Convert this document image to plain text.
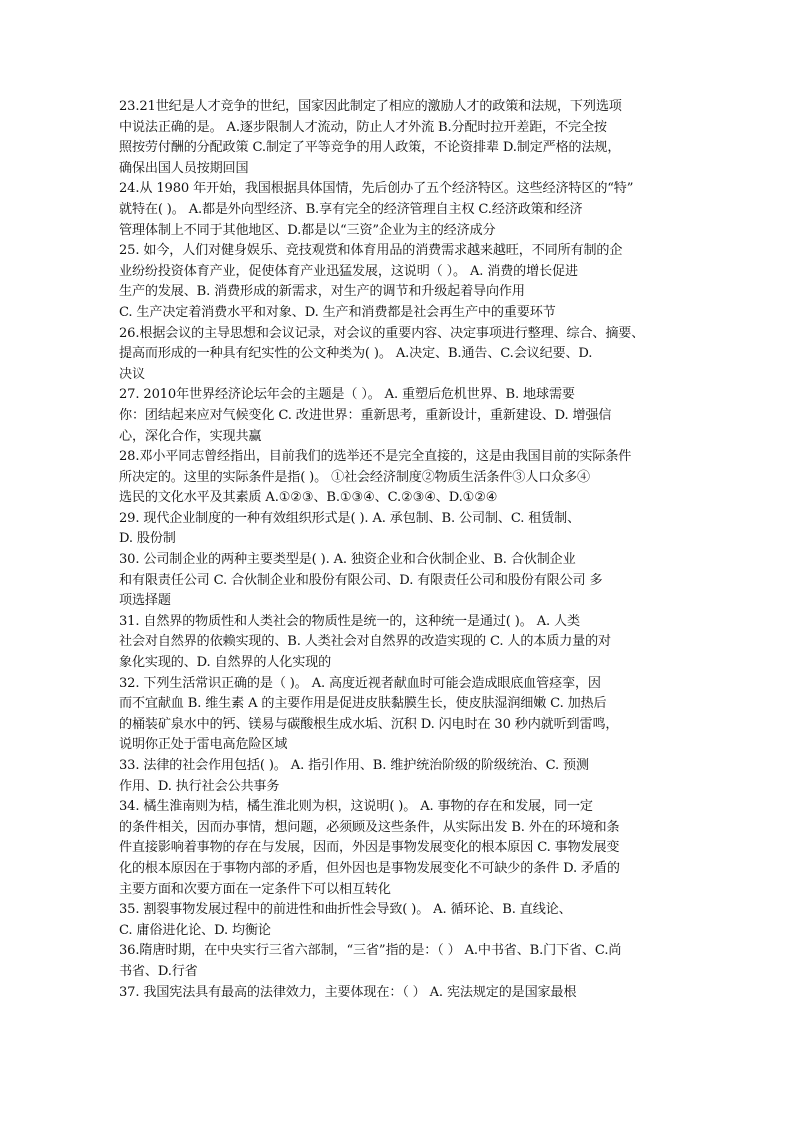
23.21世纪是人才竞争的世纪，国家因此制定了相应的激励人才的政策和法规，下列选项
中说法正确的是。 A.逐步限制人才流动，防止人才外流 B.分配时拉开差距，不完全按
照按劳付酬的分配政策 C.制定了平等竞争的用人政策，不论资排辈 D.制定严格的法规，
确保出国人员按期回国
24.从 1980 年开始，我国根据具体国情，先后创办了五个经济特区。这些经济特区的“特”
就特在( )。 A.都是外向型经济、B.享有完全的经济管理自主权 C.经济政策和经济
管理体制上不同于其他地区、D.都是以“三资”企业为主的经济成分
25. 如今，人们对健身娱乐、竞技观赏和体育用品的消费需求越来越旺，不同所有制的企
业纷纷投资体育产业，促使体育产业迅猛发展，这说明（ ）。 A. 消费的增长促进
生产的发展、B. 消费形成的新需求，对生产的调节和升级起着导向作用
C. 生产决定着消费水平和对象、D. 生产和消费都是社会再生产中的重要环节
26.根据会议的主导思想和会议记录，对会议的重要内容、决定事项进行整理、综合、摘要、
提高而形成的一种具有纪实性的公文种类为( )。 A.决定、B.通告、C.会议纪要、D.
决议
27. 2010年世界经济论坛年会的主题是（ ）。 A. 重塑后危机世界、B. 地球需要
你：团结起来应对气候变化 C. 改进世界：重新思考，重新设计，重新建设、D. 增强信
心，深化合作，实现共赢
28.邓小平同志曾经指出，目前我们的选举还不是完全直接的，这是由我国目前的实际条件
所决定的。这里的实际条件是指( )。 ①社会经济制度②物质生活条件③人口众多④
选民的文化水平及其素质 A.①②③、B.①③④、C.②③④、D.①②④
29. 现代企业制度的一种有效组织形式是( ). A. 承包制、B. 公司制、C. 租赁制、
D. 股份制
30. 公司制企业的两种主要类型是( ). A. 独资企业和合伙制企业、B. 合伙制企业
和有限责任公司 C. 合伙制企业和股份有限公司、D. 有限责任公司和股份有限公司 多
项选择题
31. 自然界的物质性和人类社会的物质性是统一的，这种统一是通过( )。 A. 人类
社会对自然界的依赖实现的、B. 人类社会对自然界的改造实现的 C. 人的本质力量的对
象化实现的、D. 自然界的人化实现的
32. 下列生活常识正确的是（ )。 A. 高度近视者献血时可能会造成眼底血管痉挛，因
而不宜献血 B. 维生素 A 的主要作用是促进皮肤黏膜生长，使皮肤湿润细嫩 C. 加热后
的桶装矿泉水中的钙、镁易与碳酸根生成水垢、沉积 D. 闪电时在 30 秒内就听到雷鸣，
说明你正处于雷电高危险区域
33. 法律的社会作用包括( )。 A. 指引作用、B. 维护统治阶级的阶级统治、C. 预测
作用、D. 执行社会公共事务
34. 橘生淮南则为桔，橘生淮北则为枳，这说明( )。 A. 事物的存在和发展，同一定
的条件相关，因而办事情，想问题，必须顾及这些条件，从实际出发 B. 外在的环境和条
件直接影响着事物的存在与发展，因而，外因是事物发展变化的根本原因 C. 事物发展变
化的根本原因在于事物内部的矛盾，但外因也是事物发展变化不可缺少的条件 D. 矛盾的
主要方面和次要方面在一定条件下可以相互转化
35. 割裂事物发展过程中的前进性和曲折性会导致( )。 A. 循环论、B. 直线论、
C. 庸俗进化论、D. 均衡论
36.隋唐时期，在中央实行三省六部制，“三省”指的是：（ ） A.中书省、B.门下省、C.尚
书省、D.行省
37. 我国宪法具有最高的法律效力，主要体现在：（ ） A. 宪法规定的是国家最根
